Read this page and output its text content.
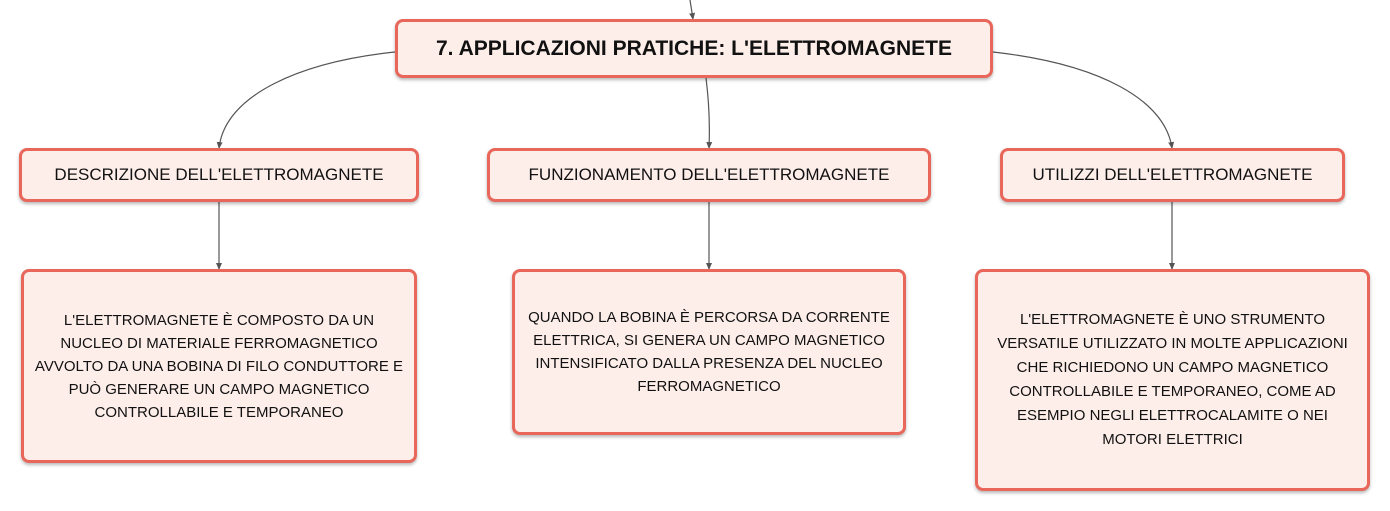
7. APPLICAZIONI PRATICHE: L'ELETTROMAGNETE
DESCRIZIONE DELL'ELETTROMAGNETE	FUNZIONAMENTO DELL'ELETTROMAGNETE	UTILIZZI DELL'ELETTROMAGNETE
L'ELETTROMAGNETE È COMPOSTO DA UN NUCLEO DI MATERIALE FERROMAGNETICO AVVOLTO DA UNA BOBINA DI FILO CONDUTTORE E PUÒ GENERARE UN CAMPO MAGNETICO CONTROLLABILE E TEMPORANEO
QUANDO LA BOBINA È PERCORSA DA CORRENTE ELETTRICA, SI GENERA UN CAMPO MAGNETICO INTENSIFICATO DALLA PRESENZA DEL NUCLEO FERROMAGNETICO
L'ELETTROMAGNETE È UNO STRUMENTO VERSATILE UTILIZZATO IN MOLTE APPLICAZIONI CHE RICHIEDONO UN CAMPO MAGNETICO CONTROLLABILE E TEMPORANEO, COME AD ESEMPIO NEGLI ELETTROCALAMITE O NEI MOTORI ELETTRICI
